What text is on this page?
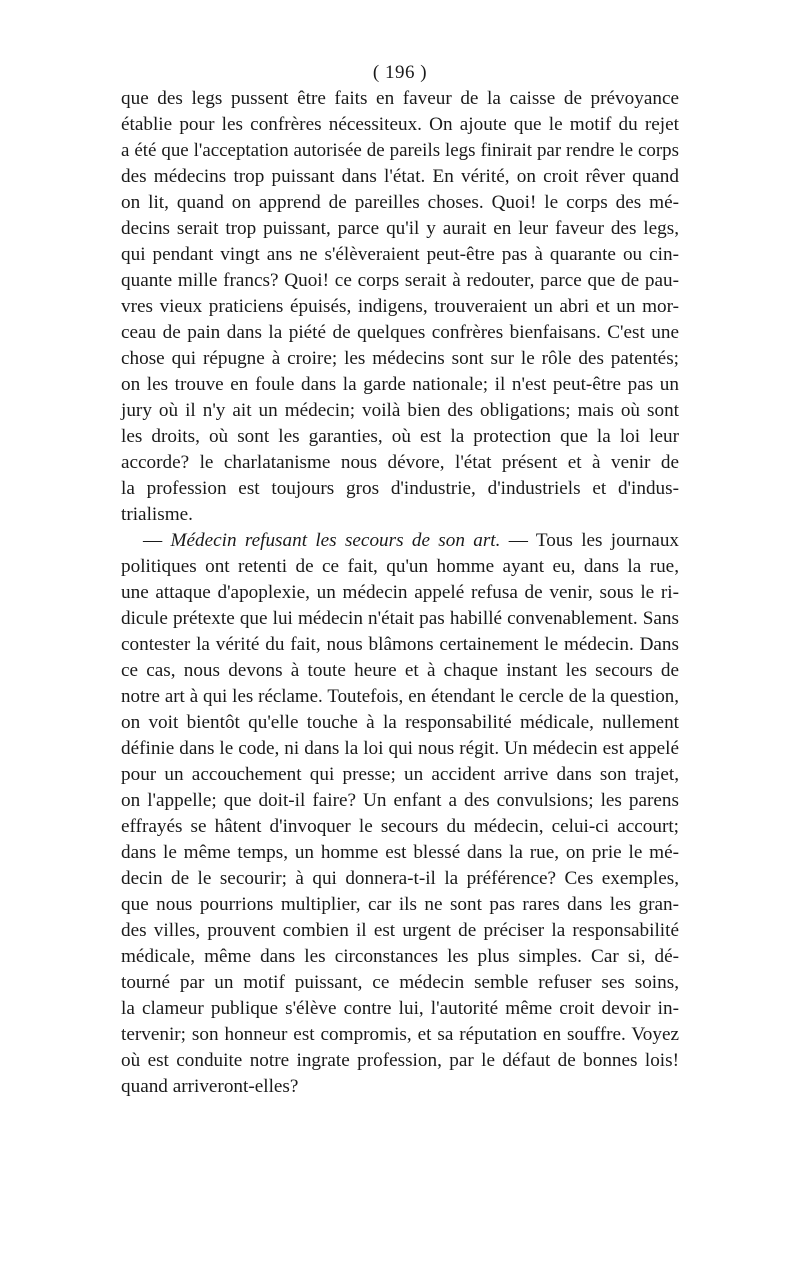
( 196 )
que des legs pussent être faits en faveur de la caisse de prévoyance
établie pour les confrères nécessiteux. On ajoute que le motif du rejet
a été que l'acceptation autorisée de pareils legs finirait par rendre le corps
des médecins trop puissant dans l'état. En vérité, on croit rêver quand
on lit, quand on apprend de pareilles choses. Quoi! le corps des mé-
decins serait trop puissant, parce qu'il y aurait en leur faveur des legs,
qui pendant vingt ans ne s'élèveraient peut-être pas à quarante ou cin-
quante mille francs? Quoi! ce corps serait à redouter, parce que de pau-
vres vieux praticiens épuisés, indigens, trouveraient un abri et un mor-
ceau de pain dans la piété de quelques confrères bienfaisans. C'est une
chose qui répugne à croire; les médecins sont sur le rôle des patentés;
on les trouve en foule dans la garde nationale; il n'est peut-être pas un
jury où il n'y ait un médecin; voilà bien des obligations; mais où sont
les droits, où sont les garanties, où est la protection que la loi leur
accorde? le charlatanisme nous dévore, l'état présent et à venir de
la profession est toujours gros d'industrie, d'industriels et d'indus-
trialisme.
— Médecin refusant les secours de son art. — Tous les journaux
politiques ont retenti de ce fait, qu'un homme ayant eu, dans la rue,
une attaque d'apoplexie, un médecin appelé refusa de venir, sous le ri-
dicule prétexte que lui médecin n'était pas habillé convenablement. Sans
contester la vérité du fait, nous blâmons certainement le médecin. Dans
ce cas, nous devons à toute heure et à chaque instant les secours de
notre art à qui les réclame. Toutefois, en étendant le cercle de la question,
on voit bientôt qu'elle touche à la responsabilité médicale, nullement
définie dans le code, ni dans la loi qui nous régit. Un médecin est appelé
pour un accouchement qui presse; un accident arrive dans son trajet,
on l'appelle; que doit-il faire? Un enfant a des convulsions; les parens
effrayés se hâtent d'invoquer le secours du médecin, celui-ci accourt;
dans le même temps, un homme est blessé dans la rue, on prie le mé-
decin de le secourir; à qui donnera-t-il la préférence? Ces exemples,
que nous pourrions multiplier, car ils ne sont pas rares dans les gran-
des villes, prouvent combien il est urgent de préciser la responsabilité
médicale, même dans les circonstances les plus simples. Car si, dé-
tourné par un motif puissant, ce médecin semble refuser ses soins,
la clameur publique s'élève contre lui, l'autorité même croit devoir in-
tervenir; son honneur est compromis, et sa réputation en souffre. Voyez
où est conduite notre ingrate profession, par le défaut de bonnes lois!
quand arriveront-elles?
